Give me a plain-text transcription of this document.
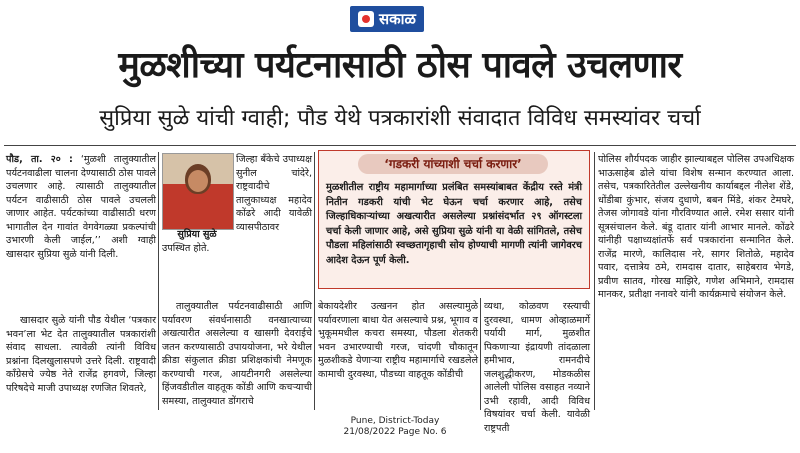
सकाळ
मुळशीच्या पर्यटनासाठी ठोस पावले उचलणार
सुप्रिया सुळे यांची ग्वाही; पौड येथे पत्रकारांशी संवादात विविध समस्यांवर चर्चा

पौड, ता. २० : ‘मुळशी तालुक्यातील पर्यटनवाढीला चालना देण्यासाठी ठोस पावले उचलणार आहे. त्यासाठी तालुक्यातील पर्यटन वाढीसाठी ठोस पावले उचलली जाणार आहेत. पर्यटकांच्या वाढीसाठी धरण भागातील देन गावांत वेगवेगळ्या प्रकल्पांची उभारणी केली जाईल,’’ अशी ग्वाही खासदार सुप्रिया सुळे यांनी दिली.

खासदार सुळे यांनी पौड येथील ‘पत्रकार भवन’ला भेट देत तालुक्यातील पत्रकारांशी संवाद साधला. त्यावेळी त्यांनी विविध प्रश्नांना दिलखुलासपणे उत्तरे दिली. राष्ट्रवादी काँग्रेसचे ज्येष्ठ नेते राजेंद्र हगवणे, जिल्हा परिषदेचे माजी उपाध्यक्ष रणजित शिवतरे,

सुप्रिया सुळे
जिल्हा बँकेचे उपाध्यक्ष सुनील चांदेरे, राष्ट्रवादीचे तालुकाध्यक्ष महादेव कोंढरे आदी यावेळी व्यासपीठावर
उपस्थित होते.
तालुक्यातील पर्यटनवाढीसाठी आणि पर्यावरण संवर्धनासाठी वनखात्याच्या अखत्यारीत असलेल्या व खासगी देवराईचे जतन करण्यासाठी उपाययोजना, भरे येथील क्रीडा संकुलात क्रीडा प्रशिक्षकांची नेमणूक करण्याची गरज, आयटीनगरी असलेल्या हिंजवडीतील वाहतूक कोंडी आणि कचऱ्याची समस्या, तालुक्यात डोंगराचे
‘गडकरी यांच्याशी चर्चा करणार’
मुळशीतील राष्ट्रीय महामार्गाच्या प्रलंबित समस्यांबाबत केंद्रीय रस्ते मंत्री नितीन गडकरी यांची भेट घेऊन चर्चा करणार आहे, तसेच जिल्हाधिकाऱ्यांच्या अखत्यारीत असलेल्या प्रश्नांसंदर्भात २९ ऑगस्टला चर्चा केली जाणार आहे, असे सुप्रिया सुळे यांनी या वेळी सांगितले, तसेच पौडला महिलांसाठी स्वच्छतागृहाची सोय होण्याची मागणी त्यांनी जागेवरच आदेश देऊन पूर्ण केली.
बेकायदेशीर उत्खनन होत असल्यामुळे पर्यावरणाला बाधा येत असल्याचे प्रश्न, भूगाव व भुकूममधील कचरा समस्या, पौडला शेतकरी भवन उभारण्याची गरज, चांदणी चौकातून मुळशीकडे येणाऱ्या राष्ट्रीय महामार्गाचे रखडलेले कामाची दुरवस्था, पौडच्या वाहतूक कोंडीची
व्यथा, कोळवण रस्त्याची दुरवस्था, धामण ओव्हाळमार्गे पर्यायी मार्ग, मुळशीत पिकणाऱ्या इंद्रायणी तांदळाला हमीभाव, रामनदीचे जलशुद्धीकरण, मोडकळीस आलेली पोलिस वसाहत नव्याने उभी रहावी, आदी विविध विषयांवर चर्चा केली. यावेळी राष्ट्रपती
पोलिस शौर्यपदक जाहीर झाल्याबद्दल पोलिस उपअधिक्षक भाऊसाहेब ढोले यांचा विशेष सन्मान करण्यात आला. तसेच, पत्रकारितेतील उल्लेखनीय कार्याबद्दल नीलेश शेंडे, धोंडीबा कुंभार, संजय दुधाणे, बबन मिंडे, शंकर टेमघरे, तेजस जोगावडे यांना गौरविण्यात आले. रमेश ससार यांनी सूत्रसंचालन केले. बंडू दातार यांनी आभार मानले. कोंढरे यांनीही पक्षाध्यक्षांतर्फे सर्व पत्रकारांना सन्मानित केले. राजेंद्र मारणे, कालिदास नरे, सागर शितोळे, महादेव पवार, दत्तात्रेय ठमे, रामदास दातार, साहेबराव भेगडे, प्रवीण सातव, गोरख माझिरे, गणेश अभिमाने, रामदास मानकर, प्रतीक्षा ननावरे यांनी कार्यक्रमाचे संयोजन केले.
Pune, District-Today
21/08/2022 Page No. 6
